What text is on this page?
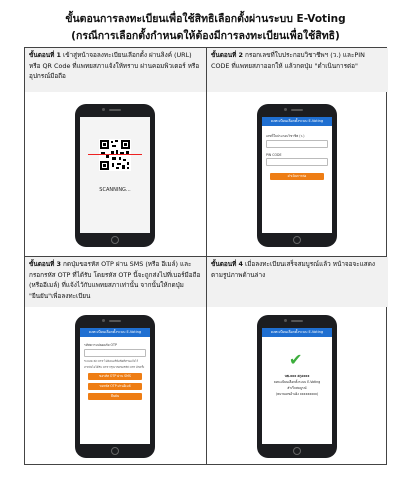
ขั้นตอนการลงทะเบียนเพื่อใช้สิทธิเลือกตั้งผ่านระบบ E-Voting
(กรณีการเลือกตั้งกำหนดให้ต้องมีการลงทะเบียนเพื่อใช้สิทธิ)
ขั้นตอนที่ 1 เข้าสู่หน้าจอลงทะเบียนเลือกตั้ง ผ่านลิงค์ (URL) หรือ QR Code ที่แพทยสภาแจ้งให้ทราบ ผ่านคอมพิวเตอร์ หรืออุปกรณ์มือถือ
SCANNING...
ขั้นตอนที่ 2 กรอกเลขที่ใบประกอบวิชาชีพฯ (ว.) และPIN CODE ที่แพทยสภาออกให้ แล้วกดปุ่ม "ดำเนินการต่อ"
ลงทะเบียนเลือกตั้งระบบ E-Voting
เลขที่ใบประกอบวิชาชีพ (ว.)
PIN CODE
ดำเนินการต่อ
ขั้นตอนที่ 3 กดปุ่มขอรหัส OTP ผ่าน SMS (หรือ อีเมล์) และ กรอกรหัส OTP ที่ได้รับ โดยรหัส OTP นี้จะถูกส่งไปที่เบอร์มือถือ (หรืออีเมล์) ที่แจ้งไว้กับแพทยสภาเท่านั้น จากนั้นให้กดปุ่ม "ยืนยัน"เพื่อลงทะเบียน
ลงทะเบียนเลือกตั้งระบบ E-Voting
รหัสความปลอดภัย OTP
ระบบจะส่ง OTP ไปยังเบอร์มือถือที่ท่านแจ้งไว้
หากยังไม่ได้รับ OTP กรุณากดขอรหัส OTP อีกครั้ง
ขอรหัส OTP ผ่าน SMS
ขอรหัส OTP ผ่านอีเมล์
ยืนยัน
ขั้นตอนที่ 4 เมื่อลงทะเบียนเสร็จสมบูรณ์แล้ว หน้าจอจะแสดง ตามรูปภาพด้านล่าง
ลงทะเบียนเลือกตั้งระบบ E-Voting
✔
นพ.xxx สกุลxxx
ลงทะเบียนเลือกตั้งระบบ E-Voting
สำเร็จสมบูรณ์
(หมายเลขอ้างอิง xxxxxxxxx)
